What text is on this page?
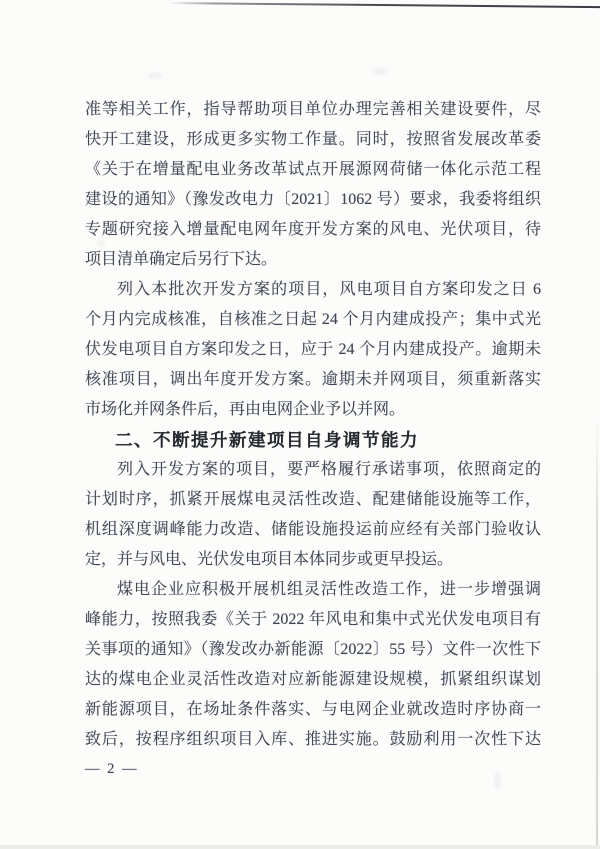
准等相关工作，指导帮助项目单位办理完善相关建设要件，尽
快开工建设，形成更多实物工作量。同时，按照省发展改革委
《关于在增量配电业务改革试点开展源网荷储一体化示范工程
建设的通知》（豫发改电力〔2021〕1062 号）要求，我委将组织
专题研究接入增量配电网年度开发方案的风电、光伏项目，待
项目清单确定后另行下达。
列入本批次开发方案的项目，风电项目自方案印发之日 6
个月内完成核准，自核准之日起 24 个月内建成投产；集中式光
伏发电项目自方案印发之日，应于 24 个月内建成投产。逾期未
核准项目，调出年度开发方案。逾期未并网项目，须重新落实
市场化并网条件后，再由电网企业予以并网。
二、不断提升新建项目自身调节能力
列入开发方案的项目，要严格履行承诺事项，依照商定的
计划时序，抓紧开展煤电灵活性改造、配建储能设施等工作，
机组深度调峰能力改造、储能设施投运前应经有关部门验收认
定，并与风电、光伏发电项目本体同步或更早投运。
煤电企业应积极开展机组灵活性改造工作，进一步增强调
峰能力，按照我委《关于 2022 年风电和集中式光伏发电项目有
关事项的通知》（豫发改办新能源〔2022〕55 号）文件一次性下
达的煤电企业灵活性改造对应新能源建设规模，抓紧组织谋划
新能源项目，在场址条件落实、与电网企业就改造时序协商一
致后，按程序组织项目入库、推进实施。鼓励利用一次性下达
— 2 —
